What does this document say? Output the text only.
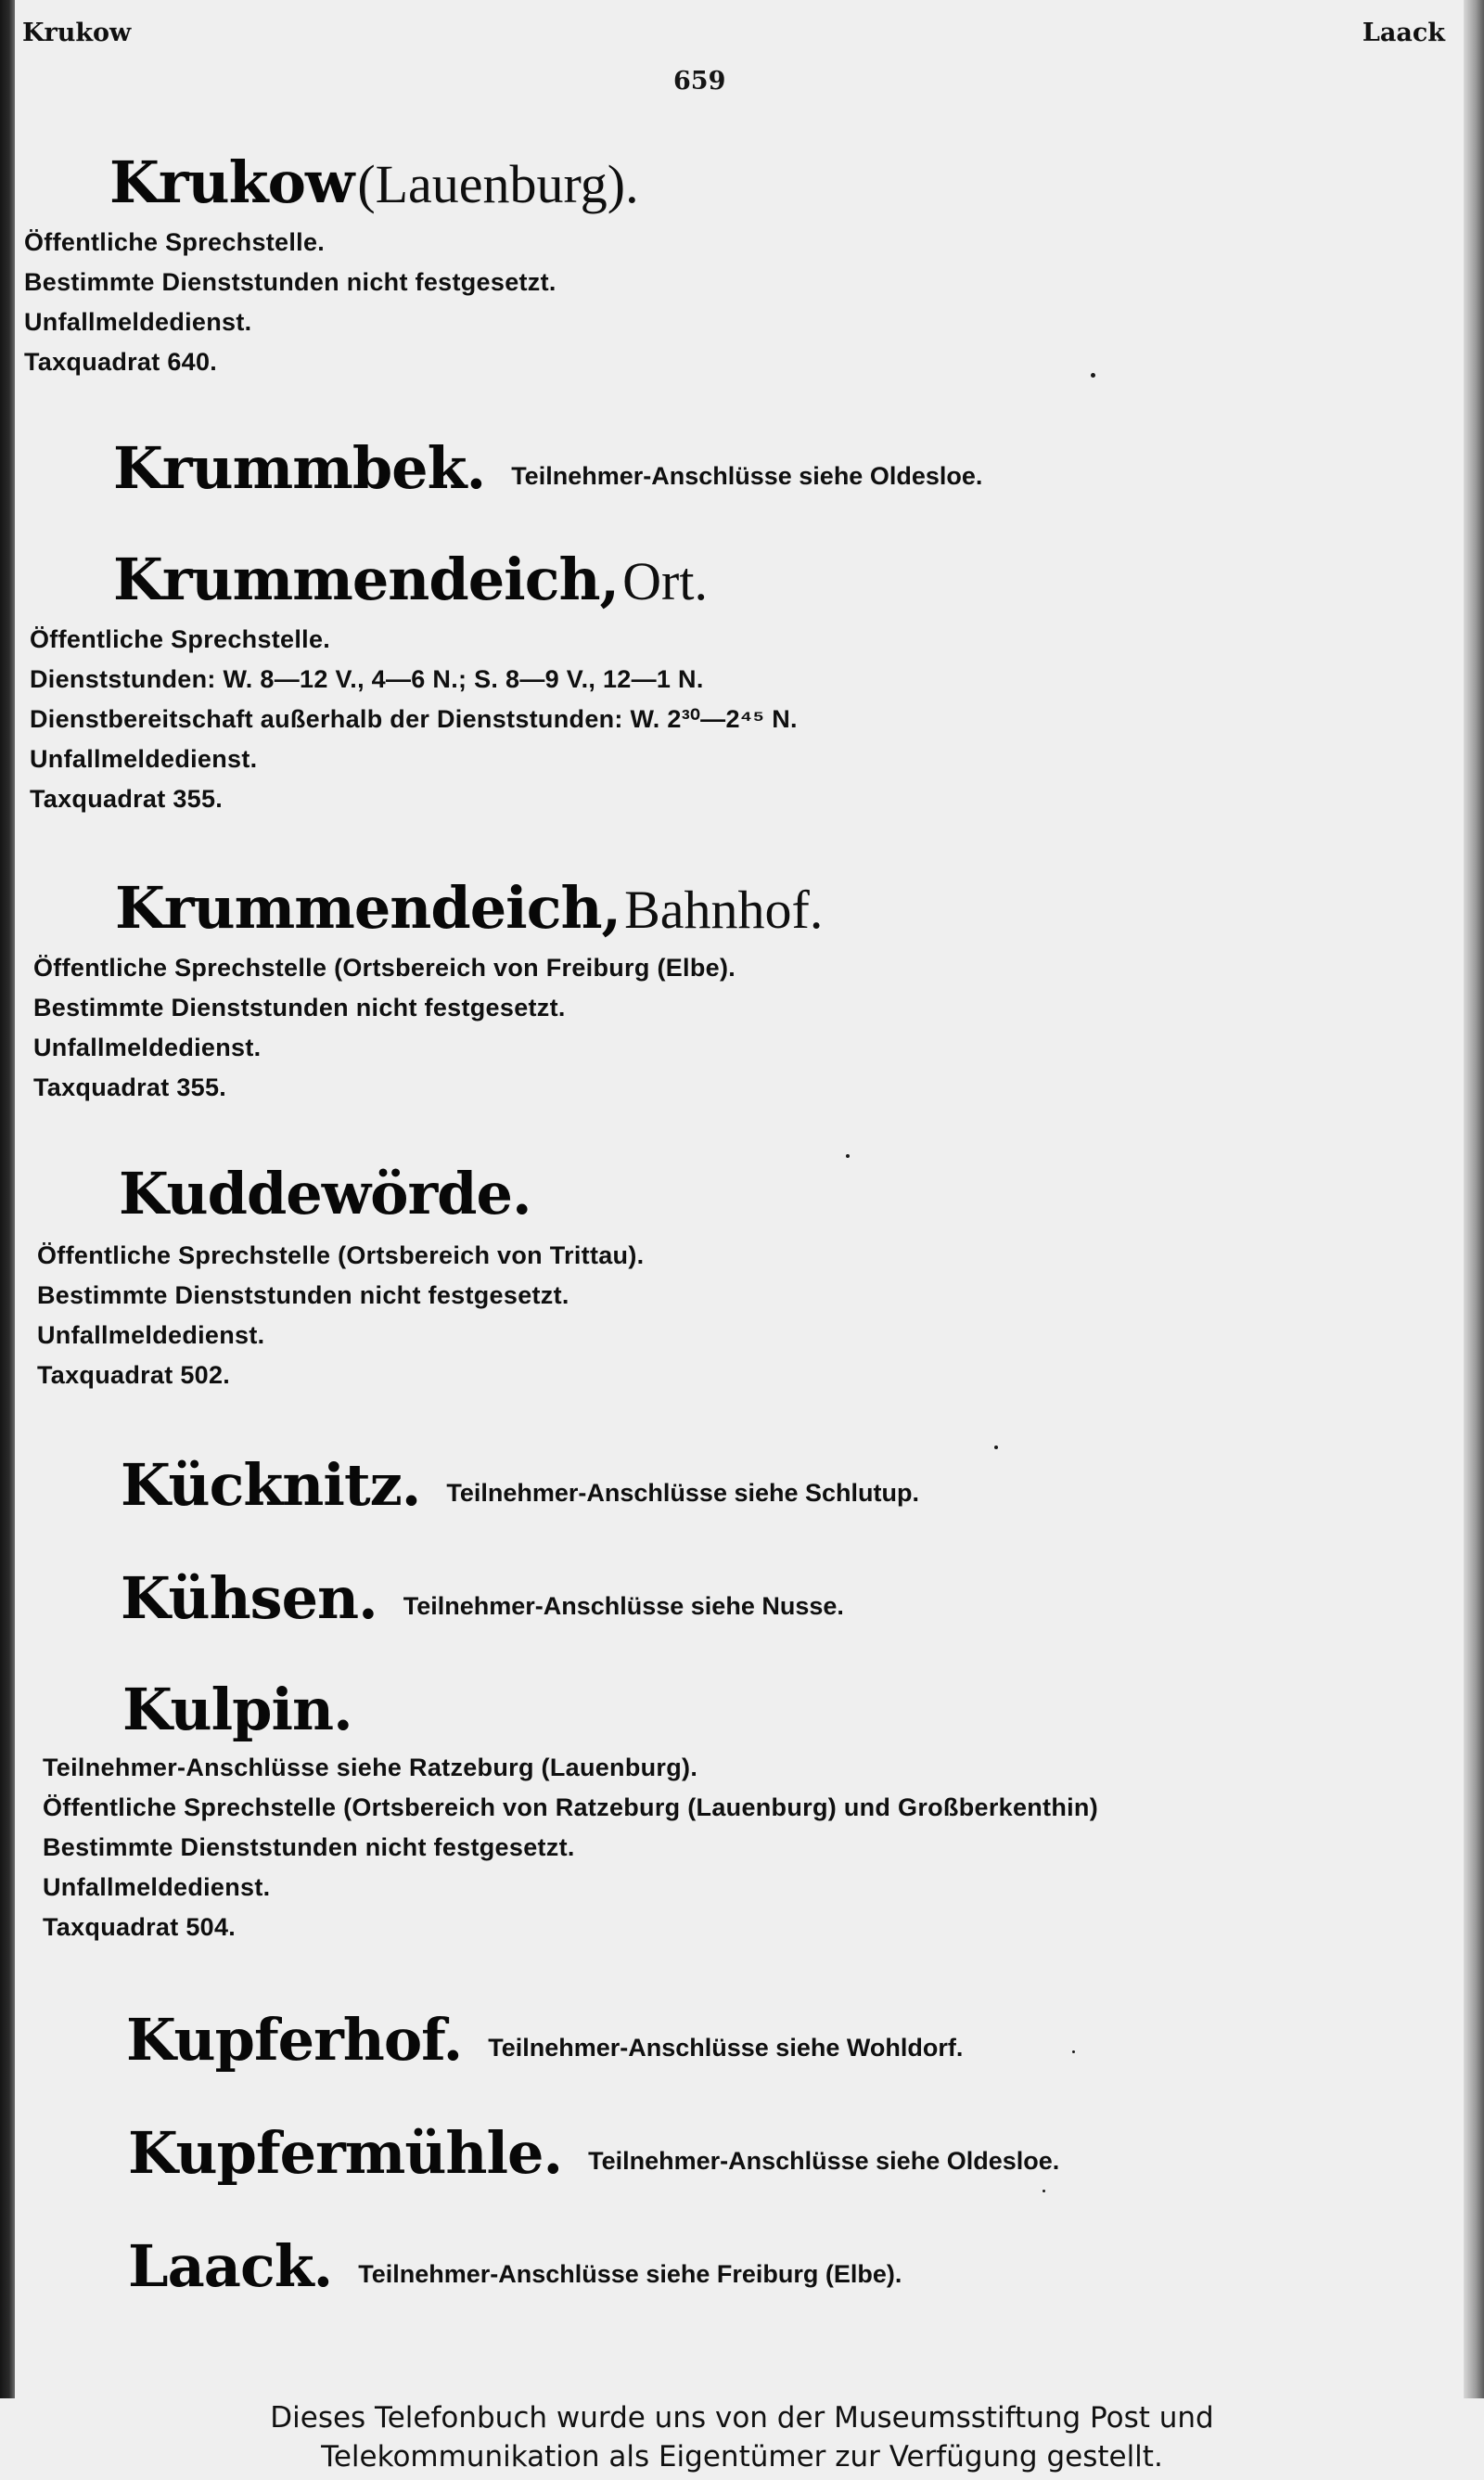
Krukow	Laack
659
Krukow (Lauenburg).
Öffentliche Sprechstelle.
Bestimmte Dienststunden nicht festgesetzt.
Unfallmeldedienst.
Taxquadrat 640.
Krummbek. Teilnehmer-Anschlüsse siehe Oldesloe.
Krummendeich, Ort.
Öffentliche Sprechstelle.
Dienststunden: W. 8—12 V., 4—6 N.; S. 8—9 V., 12—1 N.
Dienstbereitschaft außerhalb der Dienststunden: W. 2³⁰—2⁴⁵ N.
Unfallmeldedienst.
Taxquadrat 355.
Krummendeich, Bahnhof.
Öffentliche Sprechstelle (Ortsbereich von Freiburg (Elbe).
Bestimmte Dienststunden nicht festgesetzt.
Unfallmeldedienst.
Taxquadrat 355.
Kuddewörde.
Öffentliche Sprechstelle (Ortsbereich von Trittau).
Bestimmte Dienststunden nicht festgesetzt.
Unfallmeldedienst.
Taxquadrat 502.
Kücknitz. Teilnehmer-Anschlüsse siehe Schlutup.
Kühsen. Teilnehmer-Anschlüsse siehe Nusse.
Kulpin.
Teilnehmer-Anschlüsse siehe Ratzeburg (Lauenburg).
Öffentliche Sprechstelle (Ortsbereich von Ratzeburg (Lauenburg) und Großberkenthin)
Bestimmte Dienststunden nicht festgesetzt.
Unfallmeldedienst.
Taxquadrat 504.
Kupferhof. Teilnehmer-Anschlüsse siehe Wohldorf.
Kupfermühle. Teilnehmer-Anschlüsse siehe Oldesloe.
Laack. Teilnehmer-Anschlüsse siehe Freiburg (Elbe).
Dieses Telefonbuch wurde uns von der Museumsstiftung Post und
Telekommunikation als Eigentümer zur Verfügung gestellt.
